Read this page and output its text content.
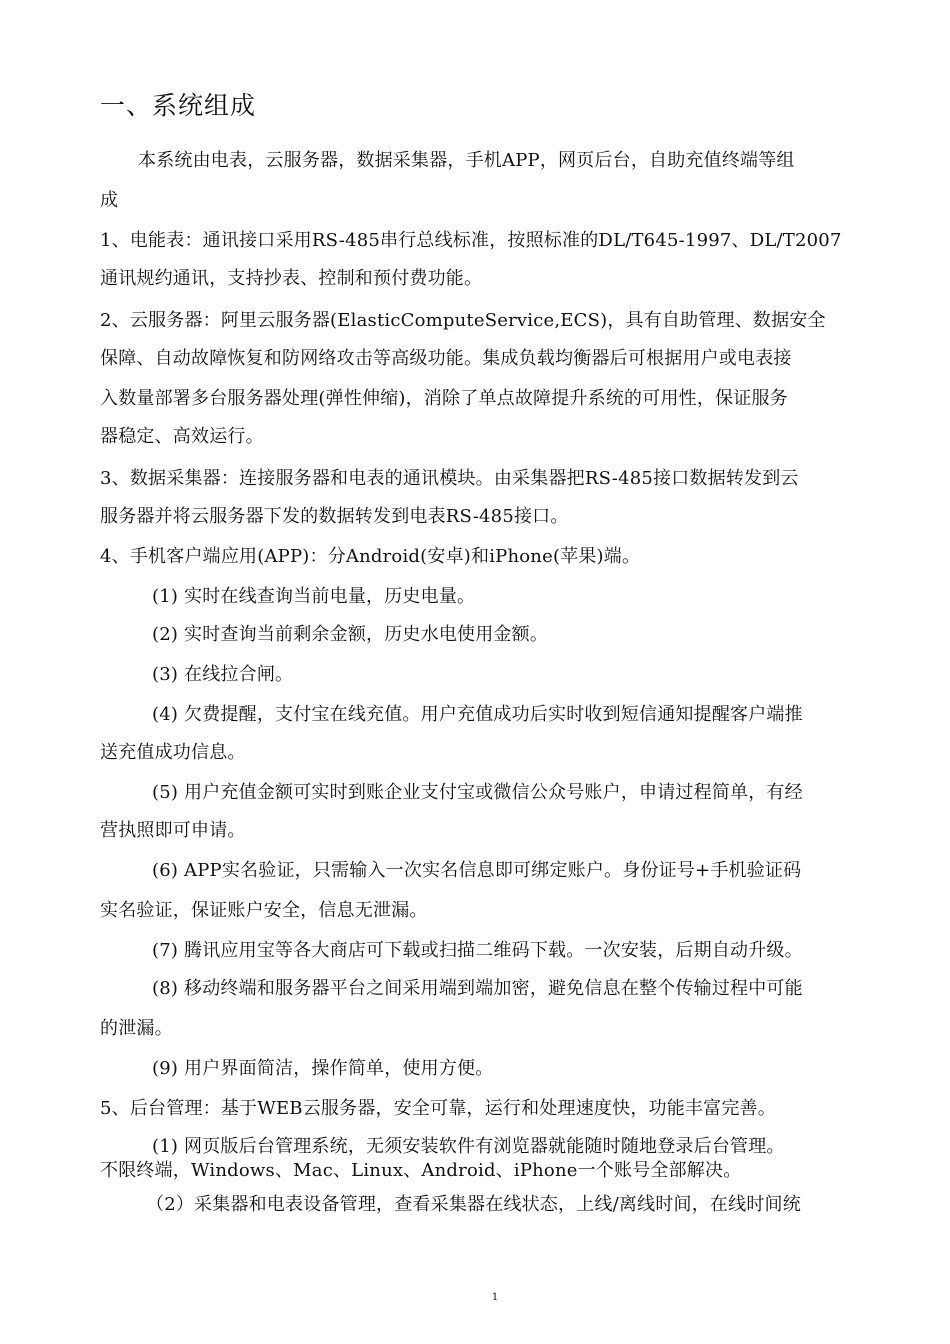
一、系统组成
本系统由电表，云服务器，数据采集器，手机APP，网页后台，自助充值终端等组
成
1、电能表：通讯接口采用RS-485串行总线标准，按照标准的DL/T645-1997、DL/T2007
通讯规约通讯，支持抄表、控制和预付费功能。
2、云服务器：阿里云服务器(ElasticComputeService,ECS)，具有自助管理、数据安全
保障、自动故障恢复和防网络攻击等高级功能。集成负载均衡器后可根据用户或电表接
入数量部署多台服务器处理(弹性伸缩)，消除了单点故障提升系统的可用性，保证服务
器稳定、高效运行。
3、数据采集器：连接服务器和电表的通讯模块。由采集器把RS-485接口数据转发到云
服务器并将云服务器下发的数据转发到电表RS-485接口。
4、手机客户端应用(APP)：分Android(安卓)和iPhone(苹果)端。
(1) 实时在线查询当前电量，历史电量。
(2) 实时查询当前剩余金额，历史水电使用金额。
(3) 在线拉合闸。
(4) 欠费提醒，支付宝在线充值。用户充值成功后实时收到短信通知提醒客户端推
送充值成功信息。
(5) 用户充值金额可实时到账企业支付宝或微信公众号账户，申请过程简单，有经
营执照即可申请。
(6) APP实名验证，只需输入一次实名信息即可绑定账户。身份证号+手机验证码
实名验证，保证账户安全，信息无泄漏。
(7) 腾讯应用宝等各大商店可下载或扫描二维码下载。一次安装，后期自动升级。
(8) 移动终端和服务器平台之间采用端到端加密，避免信息在整个传输过程中可能
的泄漏。
(9) 用户界面简洁，操作简单，使用方便。
5、后台管理：基于WEB云服务器，安全可靠，运行和处理速度快，功能丰富完善。
(1) 网页版后台管理系统，无须安装软件有浏览器就能随时随地登录后台管理。
不限终端，Windows、Mac、Linux、Android、iPhone一个账号全部解决。
（2）采集器和电表设备管理，查看采集器在线状态，上线/离线时间，在线时间统
1
